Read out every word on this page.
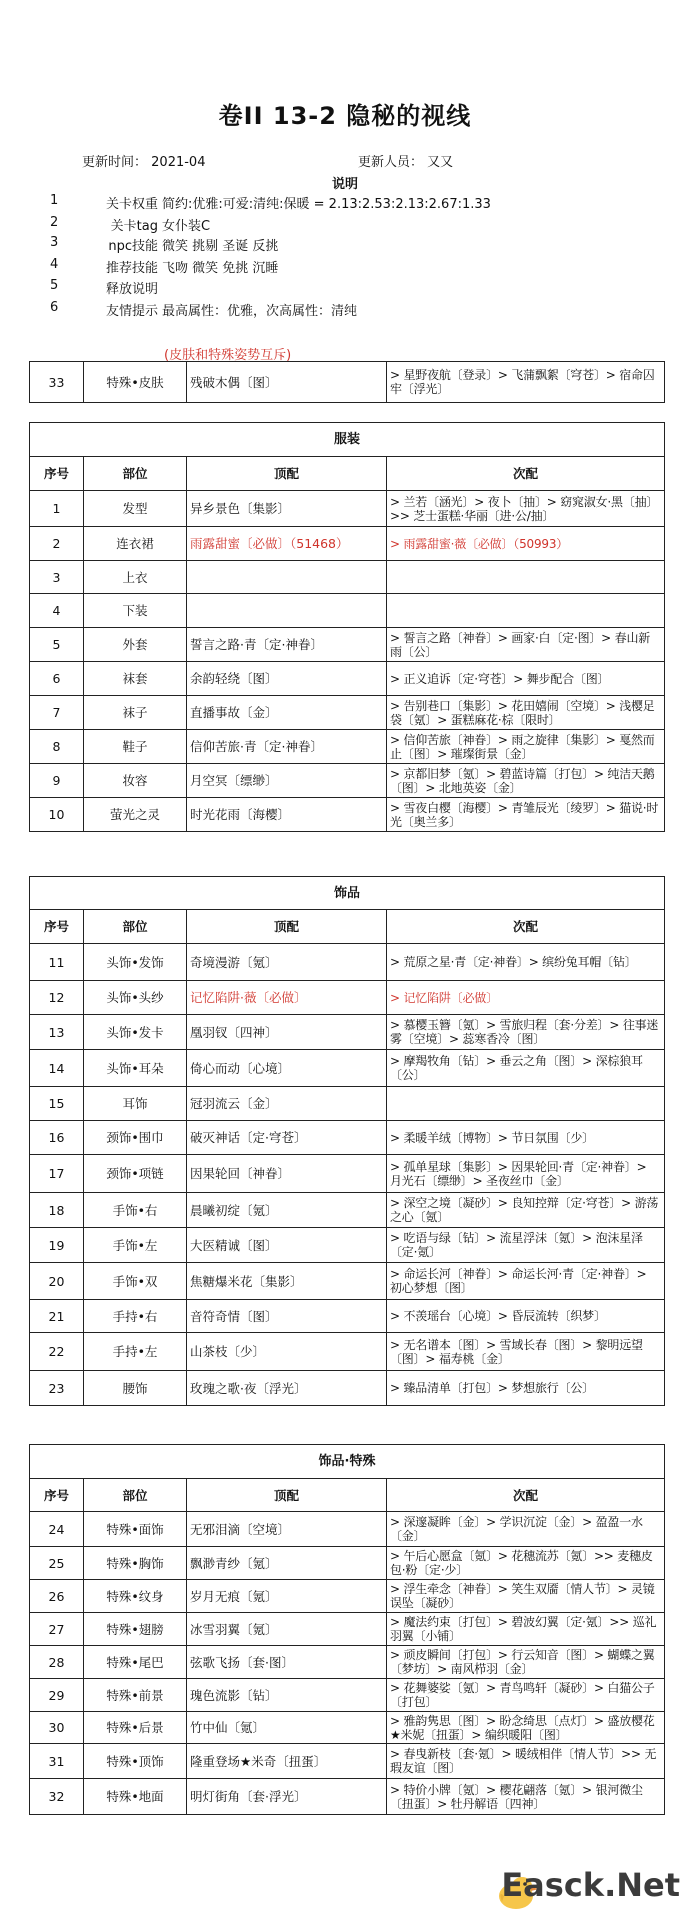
卷II 13-2 隐秘的视线
更新时间： 2021-04	更新人员： 又又
说明
1	关卡权重 简约:优雅:可爱:清纯:保暖 = 2.13:2.53:2.13:2.67:1.33
2	关卡tag 女仆装C
3	npc技能 微笑 挑剔 圣诞 反挑
4	推荐技能 飞吻 微笑 免挑 沉睡
5	释放说明
6	友情提示 最高属性：优雅，次高属性：清纯
(皮肤和特殊姿势互斥)
33	特殊•皮肤	残破木偶〔图〕	> 星野夜航〔登录〕> 飞蒲飘絮〔穹苍〕> 宿命囚牢〔浮光〕
服装			
序号	部位	顶配	次配
1	发型	异乡景色〔集影〕	> 兰若〔涵光〕> 夜卜〔抽〕> 窈窕淑女·黑〔抽〕>> 芝士蛋糕·华丽〔进·公/抽〕
2	连衣裙	雨露甜蜜〔必做〕（51468）	> 雨露甜蜜·薇〔必做〕（50993）
3	上衣		
4	下装		
5	外套	誓言之路·青〔定·神眷〕	> 誓言之路〔神眷〕> 画家·白〔定·图〕> 春山新雨〔公〕
6	袜套	余韵轻绕〔图〕	> 正义追诉〔定·穹苍〕> 舞步配合〔图〕
7	袜子	直播事故〔金〕	> 告别巷口〔集影〕> 花田嬉闹〔空境〕> 浅樱足袋〔氪〕> 蛋糕麻花·棕〔限时〕
8	鞋子	信仰苦旅·青〔定·神眷〕	> 信仰苦旅〔神眷〕> 雨之旋律〔集影〕> 戛然而止〔图〕> 璀璨街景〔金〕
9	妆容	月空冥〔缥缈〕	> 京都旧梦〔氪〕> 碧蓝诗篇〔打包〕> 纯洁天鹅〔图〕> 北地英姿〔金〕
10	萤光之灵	时光花雨〔海樱〕	> 雪夜白樱〔海樱〕> 青雏辰光〔绫罗〕> 猫说·时光〔奥兰多〕
饰品			
序号	部位	顶配	次配
11	头饰•发饰	奇境漫游〔氪〕	> 荒原之星·青〔定·神眷〕> 缤纷兔耳帽〔钻〕
12	头饰•头纱	记忆陷阱·薇〔必做〕	> 记忆陷阱〔必做〕
13	头饰•发卡	凰羽钗〔四神〕	> 慕樱玉簪〔氪〕> 雪旅归程〔套·分差〕> 往事迷雾〔空境〕> 蕊寒香冷〔图〕
14	头饰•耳朵	倚心而动〔心境〕	> 摩羯牧角〔钻〕> 垂云之角〔图〕> 深棕狼耳〔公〕
15	耳饰	冠羽流云〔金〕	
16	颈饰•围巾	破灭神话〔定·穹苍〕	> 柔暖羊绒〔博物〕> 节日氛围〔少〕
17	颈饰•项链	因果轮回〔神眷〕	> 孤单星球〔集影〕> 因果轮回·青〔定·神眷〕> 月光石〔缥缈〕> 圣夜丝巾〔金〕
18	手饰•右	晨曦初绽〔氪〕	> 深空之境〔凝砂〕> 良知控辩〔定·穹苍〕> 游荡之心〔氪〕
19	手饰•左	大医精诚〔图〕	> 吃语与绿〔钻〕> 流星浮沫〔氪〕> 泡沫星泽〔定·氪〕
20	手饰•双	焦糖爆米花〔集影〕	> 命运长河〔神眷〕> 命运长河·青〔定·神眷〕> 初心梦想〔图〕
21	手持•右	音符奇情〔图〕	> 不羡瑶台〔心境〕> 昏辰流转〔织梦〕
22	手持•左	山茶枝〔少〕	> 无名谱本〔图〕> 雪域长春〔图〕> 黎明远望〔图〕> 福寿桃〔金〕
23	腰饰	玫瑰之歌·夜〔浮光〕	> 臻品清单〔打包〕> 梦想旅行〔公〕
饰品·特殊			
序号	部位	顶配	次配
24	特殊•面饰	无邪泪滴〔空境〕	> 深邃凝眸〔金〕> 学识沉淀〔金〕> 盈盈一水〔金〕
25	特殊•胸饰	飘渺青纱〔氪〕	> 午后心愿盒〔氪〕> 花穗流苏〔氪〕>> 麦穗皮包·粉〔定·少〕
26	特殊•纹身	岁月无痕〔氪〕	> 浮生牵念〔神眷〕> 笑生双靥〔情人节〕> 灵镜误坠〔凝砂〕
27	特殊•翅膀	冰雪羽翼〔氪〕	> 魔法约束〔打包〕> 碧波幻翼〔定·氪〕>> 巡礼羽翼〔小铺〕
28	特殊•尾巴	弦歌飞扬〔套·图〕	> 顽皮瞬间〔打包〕> 行云知音〔图〕> 蝴蝶之翼〔梦坊〕> 南风栉羽〔金〕
29	特殊•前景	瑰色流影〔钻〕	> 花舞婆娑〔氪〕> 青鸟鸣轩〔凝砂〕> 白猫公子〔打包〕
30	特殊•后景	竹中仙〔氪〕	> 雅韵隽思〔图〕> 盼念绮思〔点灯〕> 盛放樱花★米妮〔扭蛋〕> 编织暖阳〔图〕
31	特殊•顶饰	隆重登场★米奇〔扭蛋〕	> 春曳新枝〔套·氪〕> 暖绒相伴〔情人节〕>> 无瑕友谊〔图〕
32	特殊•地面	明灯街角〔套·浮光〕	> 特价小牌〔氪〕> 樱花翩落〔氪〕> 银河微尘〔扭蛋〕> 牡丹解语〔四神〕
Easck.Net
